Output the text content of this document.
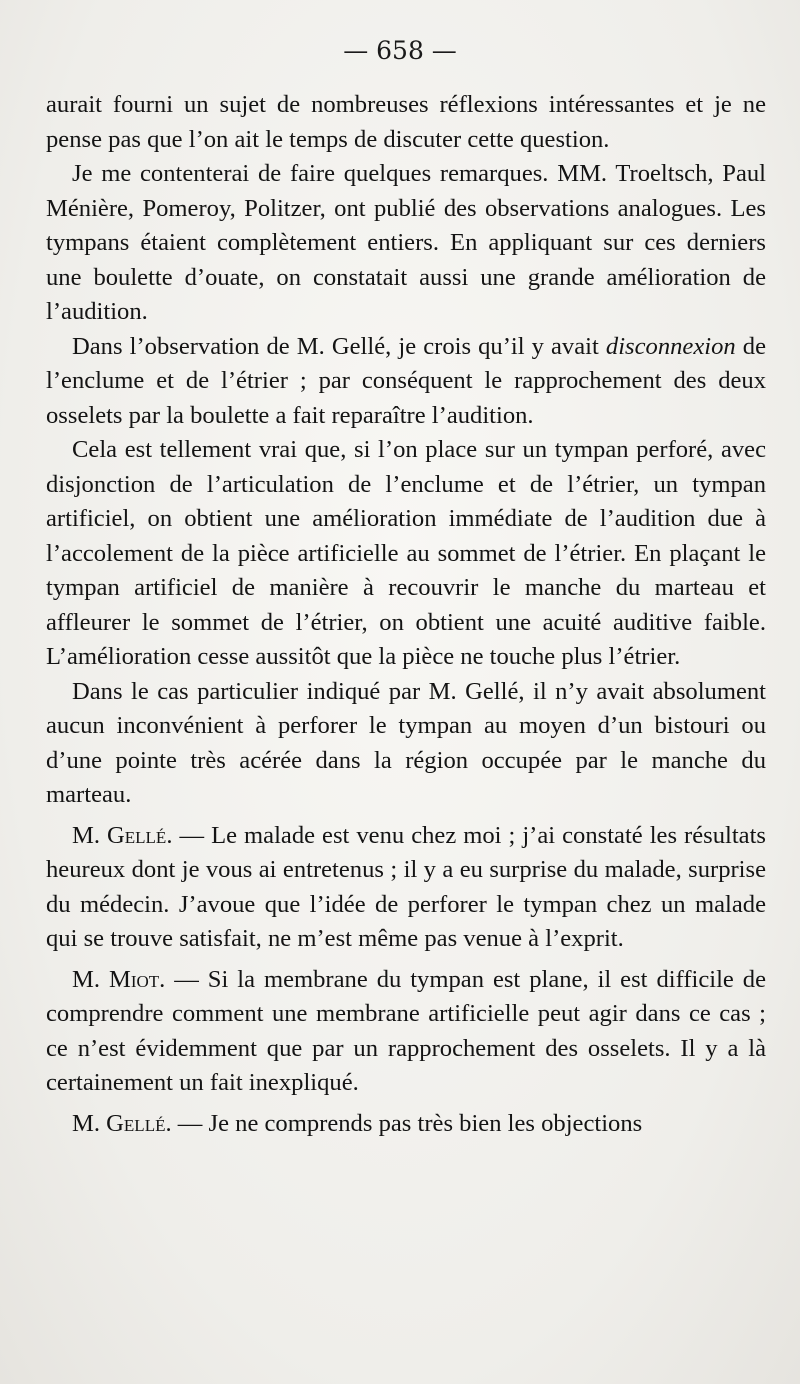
— 658 —

aurait fourni un sujet de nombreuses réflexions intéressantes et je ne pense pas que l’on ait le temps de discuter cette question.

Je me contenterai de faire quelques remarques. MM. Troeltsch, Paul Ménière, Pomeroy, Politzer, ont publié des observations analogues. Les tympans étaient complètement entiers. En appliquant sur ces derniers une boulette d’ouate, on constatait aussi une grande amélioration de l’audition.

Dans l’observation de M. Gellé, je crois qu’il y avait disconnexion de l’enclume et de l’étrier ; par conséquent le rapprochement des deux osselets par la boulette a fait reparaître l’audition.

Cela est tellement vrai que, si l’on place sur un tympan perforé, avec disjonction de l’articulation de l’enclume et de l’étrier, un tympan artificiel, on obtient une amélioration immédiate de l’audition due à l’accolement de la pièce artificielle au sommet de l’étrier. En plaçant le tympan artificiel de manière à recouvrir le manche du marteau et affleurer le sommet de l’étrier, on obtient une acuité auditive faible. L’amélioration cesse aussitôt que la pièce ne touche plus l’étrier.

Dans le cas particulier indiqué par M. Gellé, il n’y avait absolument aucun inconvénient à perforer le tympan au moyen d’un bistouri ou d’une pointe très acérée dans la région occupée par le manche du marteau.

M. Gellé. — Le malade est venu chez moi ; j’ai constaté les résultats heureux dont je vous ai entretenus ; il y a eu surprise du malade, surprise du médecin. J’avoue que l’idée de perforer le tympan chez un malade qui se trouve satisfait, ne m’est même pas venue à l’exprit.

M. Miot. — Si la membrane du tympan est plane, il est difficile de comprendre comment une membrane artificielle peut agir dans ce cas ; ce n’est évidemment que par un rapprochement des osselets. Il y a là certainement un fait inexpliqué.

M. Gellé. — Je ne comprends pas très bien les objections
